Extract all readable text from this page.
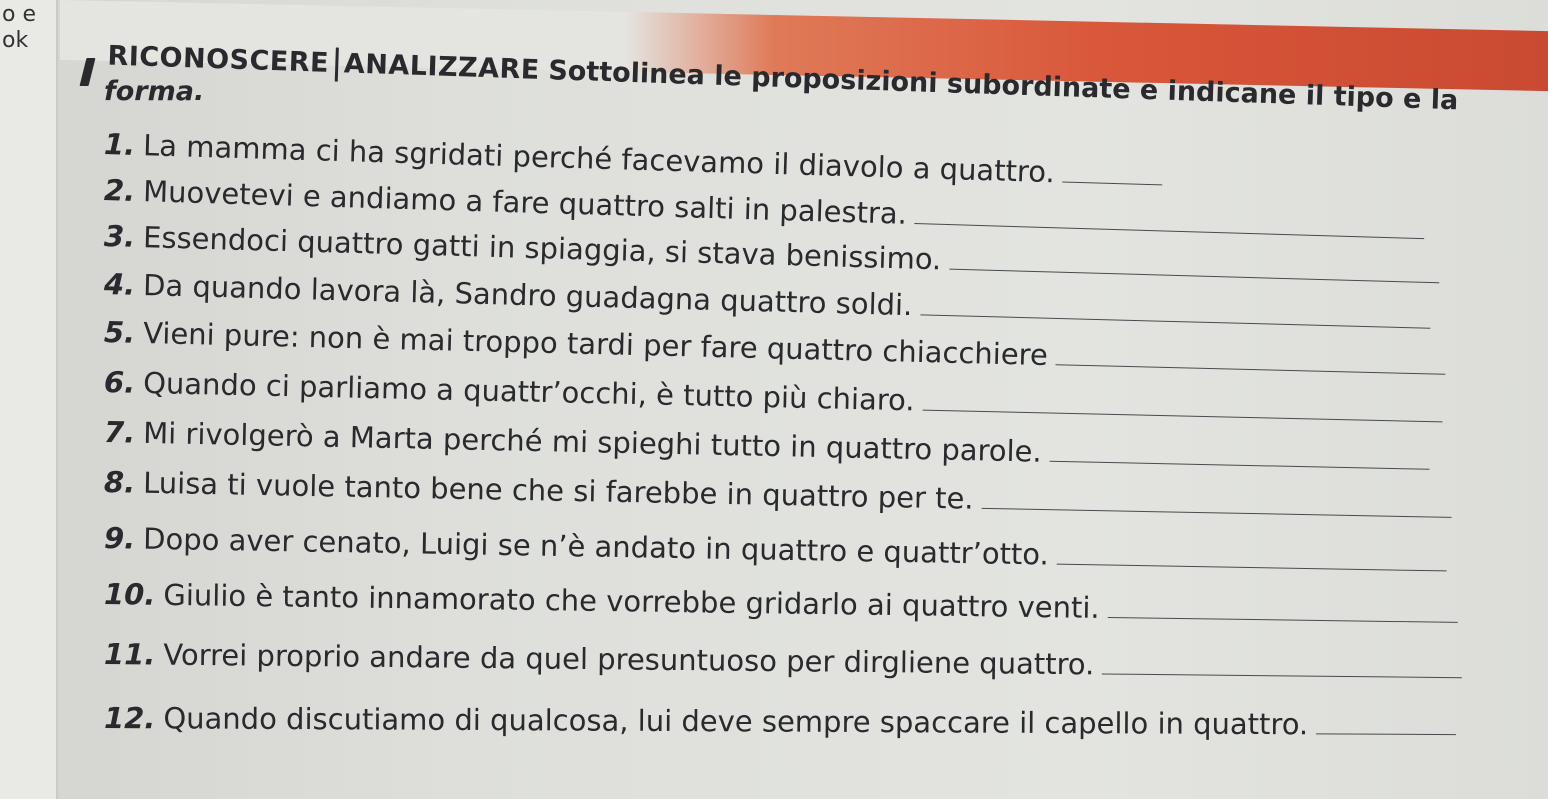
o e
ok	RICONOSCERE ANALIZZARE Sottolinea le proposizioni subordinate e indicane il tipo e la
forma.
1. La mamma ci ha sgridati perché facevamo il diavolo a quattro.
2. Muovetevi e andiamo a fare quattro salti in palestra.
3. Essendoci quattro gatti in spiaggia, si stava benissimo.
4. Da quando lavora là, Sandro guadagna quattro soldi.
5. Vieni pure: non è mai troppo tardi per fare quattro chiacchiere
6. Quando ci parliamo a quattr’occhi, è tutto più chiaro.
7. Mi rivolgerò a Marta perché mi spieghi tutto in quattro parole.
8. Luisa ti vuole tanto bene che si farebbe in quattro per te.
9. Dopo aver cenato, Luigi se n’è andato in quattro e quattr’otto.
10. Giulio è tanto innamorato che vorrebbe gridarlo ai quattro venti.
11. Vorrei proprio andare da quel presuntuoso per dirgliene quattro.
12. Quando discutiamo di qualcosa, lui deve sempre spaccare il capello in quattro.
